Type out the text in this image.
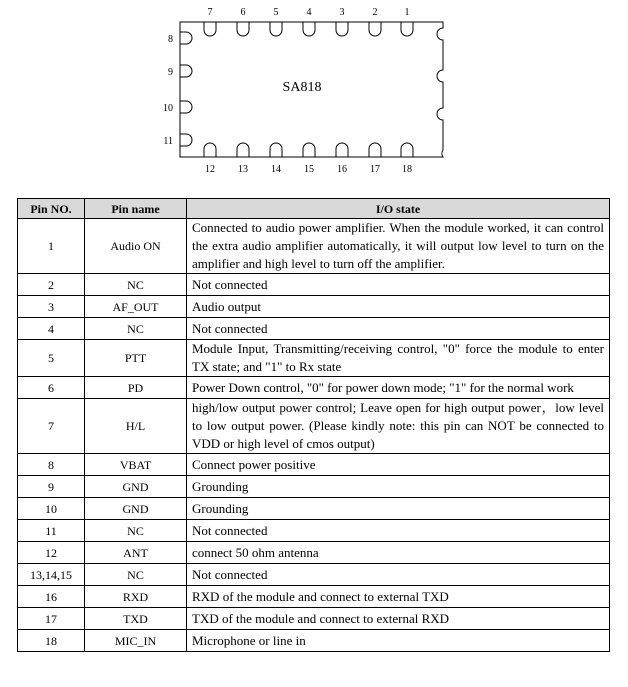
7	6	5	4	3	2	1
12 13 14 15 16 17 18
8
9
10
11
SA818
Pin NO.	Pin name	I/O state
1	Audio ON	Connected to audio power amplifier. When the module worked, it can control the extra audio amplifier automatically, it will output low level to turn on the amplifier and high level to turn off the amplifier.
2	NC	Not connected
3	AF_OUT	Audio output
4	NC	Not connected
5	PTT	Module Input, Transmitting/receiving control, "0" force the module to enter TX state; and "1" to Rx state
6	PD	Power Down control, "0" for power down mode; "1" for the normal work
7	H/L	high/low output power control; Leave open for high output power，low level to low output power. (Please kindly note: this pin can NOT be connected to VDD or high level of cmos output)
8	VBAT	Connect power positive
9	GND	Grounding
10	GND	Grounding
11	NC	Not connected
12	ANT	connect 50 ohm antenna
13,14,15	NC	Not connected
16	RXD	RXD of the module and connect to external TXD
17	TXD	TXD of the module and connect to external RXD
18	MIC_IN	Microphone or line in
